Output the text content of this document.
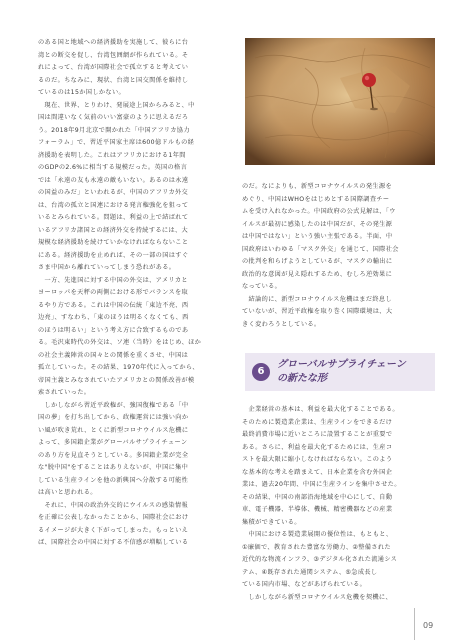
のある国と地域への経済援助を実施して、彼らに台

湾との断交を促し、台湾包囲網が作られている。そ

れによって、台湾が国際社会で孤立すると考えてい

るのだ。ちなみに、現状、台湾と国交関係を維持し

ているのは15か国しかない。

　現在、世界、とりわけ、発展途上国からみると、中

国は間違いなく気前のいい富豪のように思えるだろ

う。2018年9月北京で開かれた「中国アフリカ協力

フォーラム」で、習近平国家主席は600億ドルもの経

済援助を表明した。これはアフリカにおける1年間

のGDPの2.6%に相当する規模だった。英国の格言

では「永遠の友も永遠の敵もいない。あるのは永遠

の国益のみだ」といわれるが、中国のアフリカ外交

は、台湾の孤立と国連における発言権強化を狙って

いるとみられている。問題は、利益の上で結ばれて

いるアフリカ諸国との経済外交を持続するには、大

規模な経済援助を続けていかなければならないこと

にある。経済援助を止めれば、その一部の国はすぐ

さま中国から離れていってしまう恐れがある。

　一方、先進国に対する中国の外交は、アメリカと

ヨーロッパを天秤の両側における形でバランスを取

るやり方である。これは中国の伝統「東边不亮、西

边亮」、すなわち、「東のほうは明るくなくても、西

のほうは明るい」という考え方に合致するものであ

る。毛沢東時代の外交は、ソ連（当時）をはじめ、ほか

の社会主義陣営の国々との関係を重くさせ、中国は

孤立していった。その結果、1970年代に入ってから、

帝国主義とみなされていたアメリカとの関係改善が模

索されていった。

　しかしながら習近平政権が、強国復権である「中

国の夢」を打ち出してから、政権運営には強い向か

い風が吹き荒れ、とくに新型コロナウイルス危機に

よって、多国籍企業がグローバルサプライチェーン

のあり方を見直そうとしている。多国籍企業が完全

な"脱中国"をすることはありえないが、中国に集中

している生産ラインを他の新興国へ分散する可能性

は高いと思われる。

　それに、中国の政治外交的にウイルスの感染情報

を正確に公表しなかったことから、国際社会におけ

るイメージが大きく下がってしまった。もっといえ

ば、国際社会の中国に対する不信感が増幅している

のだ。なによりも、新型コロナウイルスの発生源を

めぐり、中国はWHOをはじめとする国際調査チー

ムを受け入れなかった。中国政府の公式見解は、「ウ

イルスが最初に感染したのは中国だが、その発生源

は中国ではない」という強い主張である。半面、中

国政府はいわゆる「マスク外交」を通じて、国際社会

の批判を和らげようとしているが、マスクの輸出に

政治的な意図が見え隠れするため、むしろ逆効果に

なっている。

　結論的に、新型コロナウイルス危機はまだ終息し

ていないが、習近平政権を取り巻く国際環境は、大

きく変わろうとしている。

6
グローバルサプライチェーン
の新たな形

　企業経営の基本は、利益を最大化することである。

そのために製造業企業は、生産ラインをできるだけ

最終消費市場に近いところに設置することが重要で

ある。さらに、利益を最大化するためには、生産コ

ストを最大限に縮小しなければならない。このよう

な基本的な考えを踏まえて、日本企業を含む外国企

業は、過去20年間、中国に生産ラインを集中させた。

その結果、中国の南部沿海地域を中心にして、自動

車、電子機器、半導体、機械、精密機器などの産業

集積ができている。

　中国における製造業展開の優位性は、もともと、

①廉価で、教育された豊富な労働力、②整備された

近代的な物流インフラ、③デジタル化された流通シス

テム、④既存された通関システム、⑤急成長し

ている国内市場、などがあげられている。

　しかしながら新型コロナウイルス危機を契機に、

09
